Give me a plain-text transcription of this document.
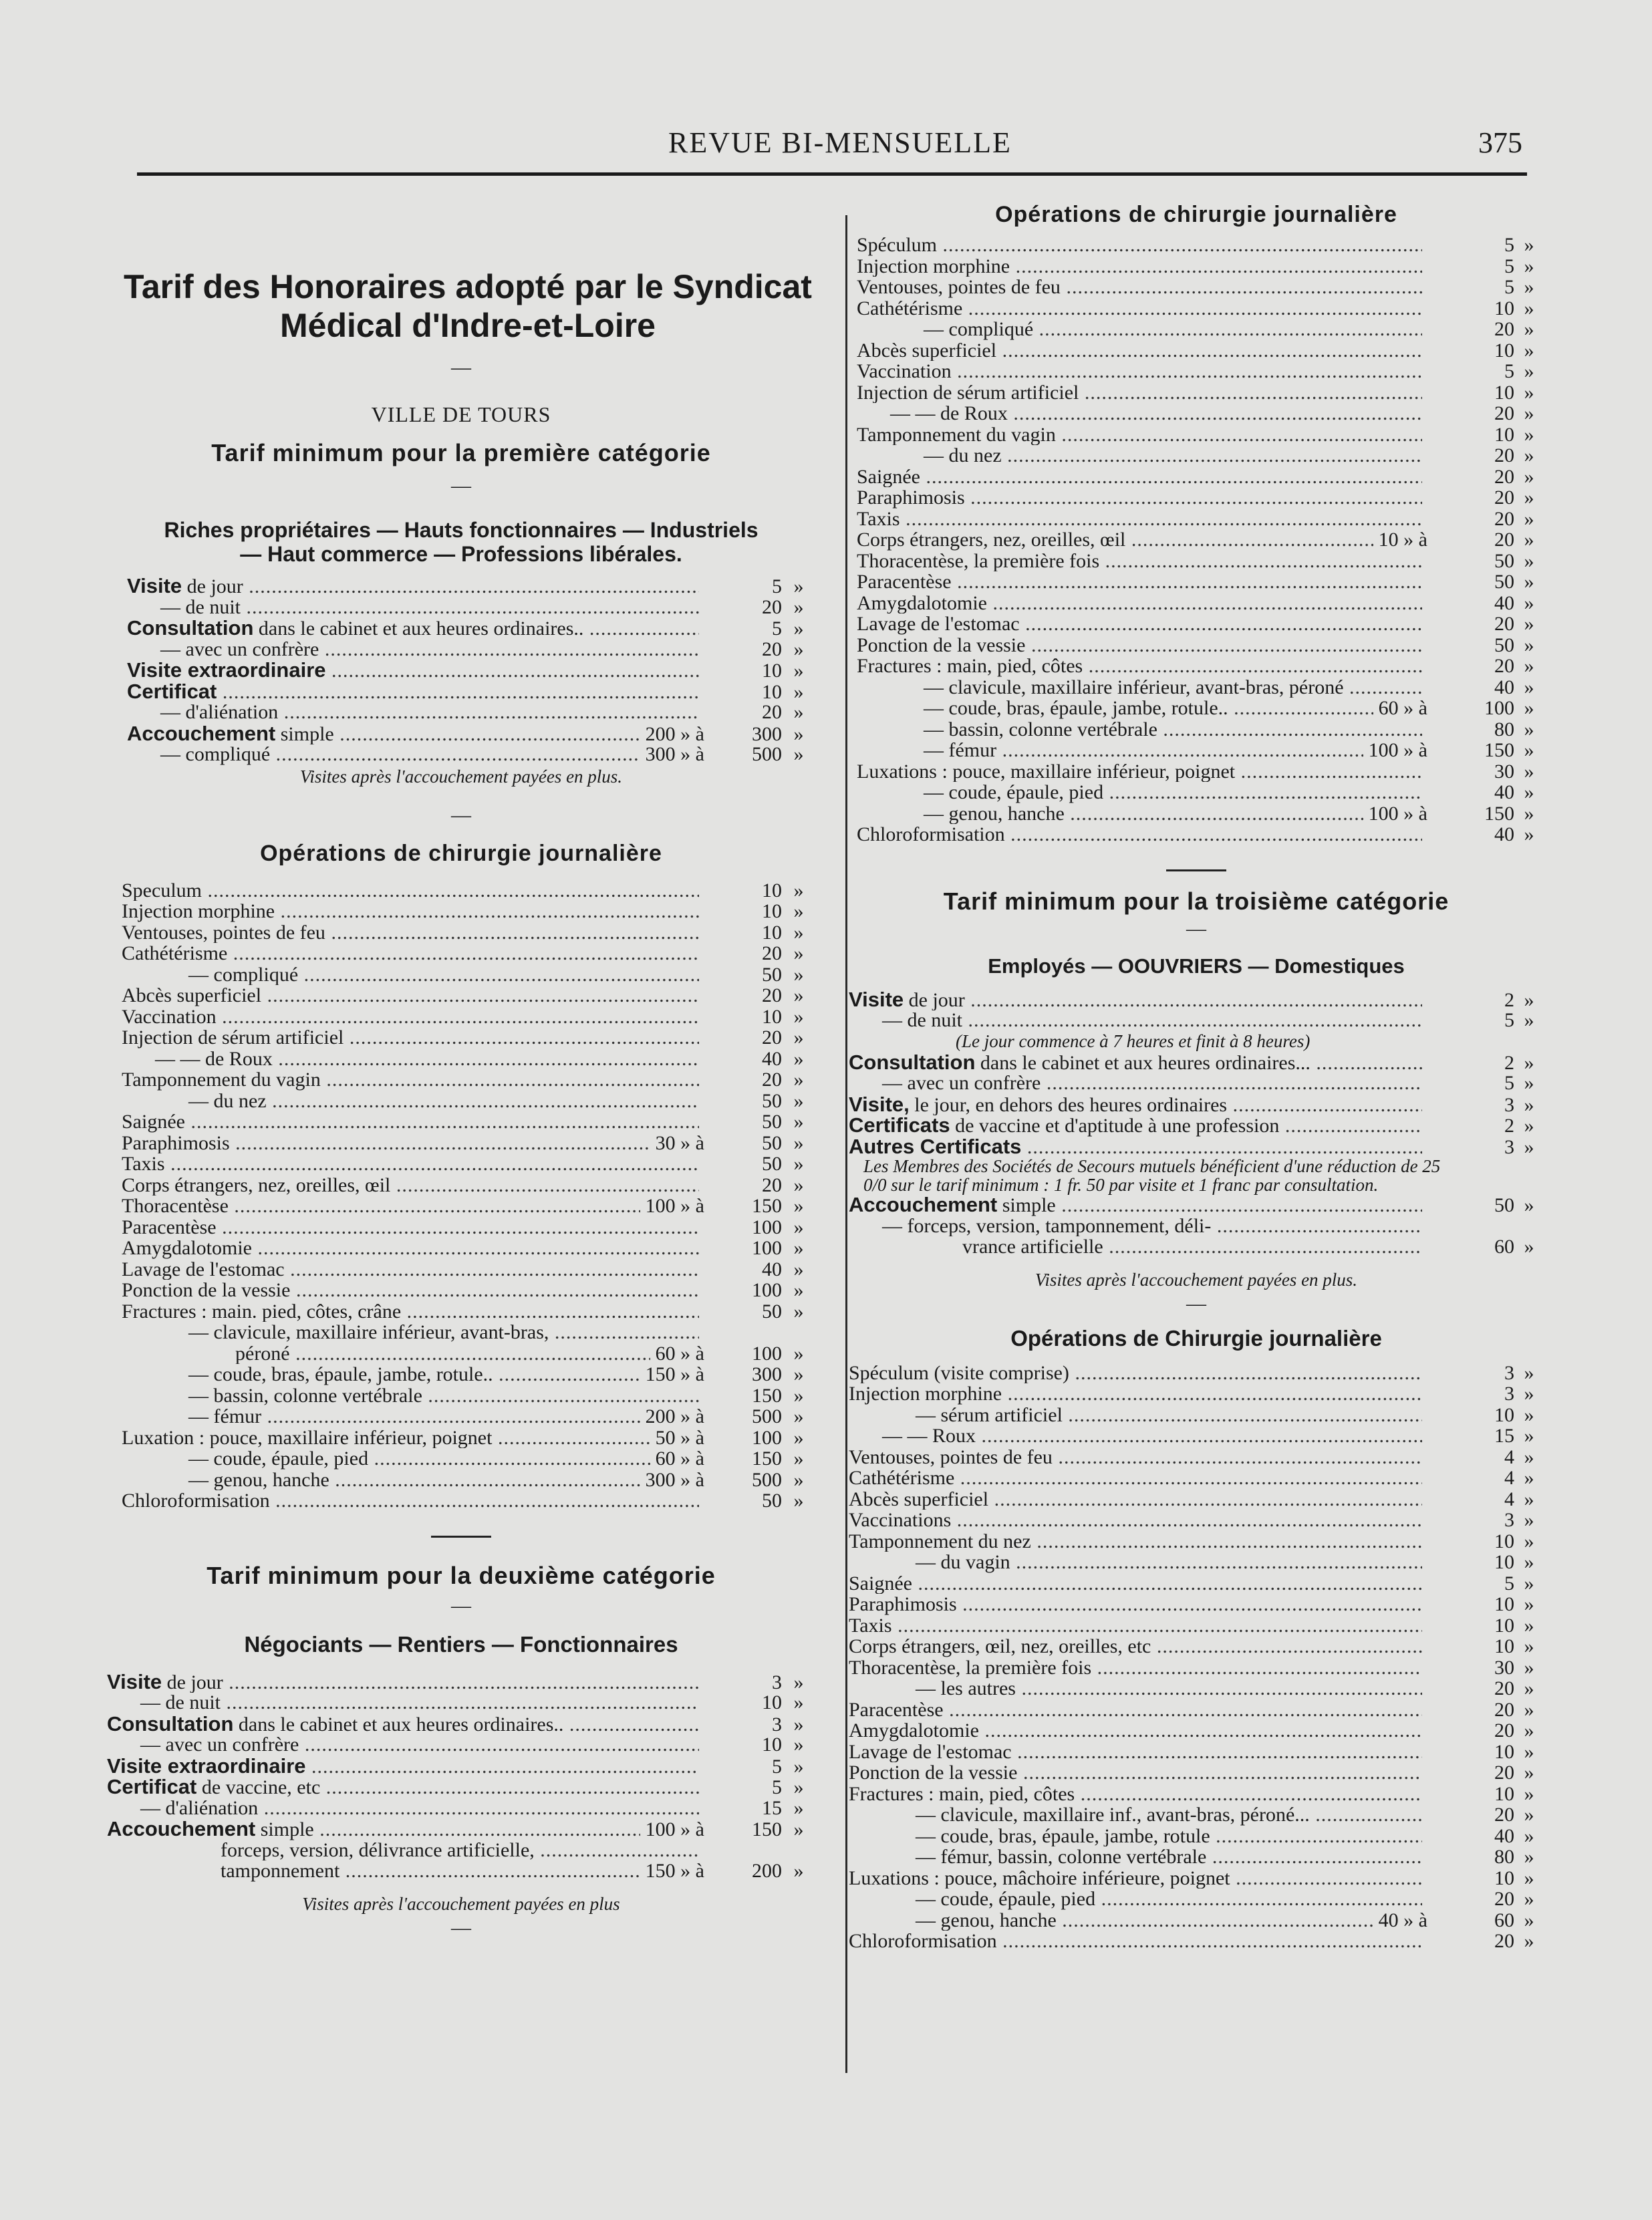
REVUE BI-MENSUELLE	375
Tarif des Honoraires adopté par le Syndicat
Médical d'Indre-et-Loire
—
VILLE DE TOURS
Tarif minimum pour la première catégorie
—
Riches propriétaires — Hauts fonctionnaires — Industriels
— Haut commerce — Professions libérales.
Visite de jour .....	5 »
— de nuit .....	20 »
Consultation dans le cabinet et aux heures ordinaires.. .....	5 »
— avec un confrère .....	20 »
Visite extraordinaire .....	10 »
Certificat .....	10 »
— d'aliénation .....	20 »
Accouchement simple .....	200 » à	300 »
— compliqué .....	300 » à	500 »
Visites après l'accouchement payées en plus.
—
Opérations de chirurgie journalière
Speculum .....	10 »
Injection morphine .....	10 »
Ventouses, pointes de feu .....	10 »
Cathétérisme .....	20 »
— compliqué .....	50 »
Abcès superficiel .....	20 »
Vaccination .....	10 »
Injection de sérum artificiel .....	20 »
— — de Roux .....	40 »
Tamponnement du vagin .....	20 »
— du nez .....	50 »
Saignée .....	50 »
Paraphimosis .....	30 » à	50 »
Taxis .....	50 »
Corps étrangers, nez, oreilles, œil .....	20 »
Thoracentèse .....	100 » à	150 »
Paracentèse .....	100 »
Amygdalotomie .....	100 »
Lavage de l'estomac .....	40 »
Ponction de la vessie .....	100 »
Fractures : main. pied, côtes, crâne .....	50 »
— clavicule, maxillaire inférieur, avant-bras, .....
péroné .....	60 » à	100 »
— coude, bras, épaule, jambe, rotule.. .....	150 » à	300 »
— bassin, colonne vertébrale .....	150 »
— fémur .....	200 » à	500 »
Luxation : pouce, maxillaire inférieur, poignet .....	50 » à	100 »
— coude, épaule, pied .....	60 » à	150 »
— genou, hanche .....	300 » à	500 »
Chloroformisation .....	50 »
Tarif minimum pour la deuxième catégorie
—
Négociants — Rentiers — Fonctionnaires
Visite de jour .....	3 »
— de nuit .....	10 »
Consultation dans le cabinet et aux heures ordinaires.. .....	3 »
— avec un confrère .....	10 »
Visite extraordinaire .....	5 »
Certificat de vaccine, etc .....	5 »
— d'aliénation .....	15 »
Accouchement simple .....	100 » à	150 »
forceps, version, délivrance artificielle, .....
tamponnement .....	150 » à	200 »
Visites après l'accouchement payées en plus
—
Opérations de chirurgie journalière
Spéculum .....	5 »
Injection morphine .....	5 »
Ventouses, pointes de feu .....	5 »
Cathétérisme .....	10 »
— compliqué .....	20 »
Abcès superficiel .....	10 »
Vaccination .....	5 »
Injection de sérum artificiel .....	10 »
— — de Roux .....	20 »
Tamponnement du vagin .....	10 »
— du nez .....	20 »
Saignée .....	20 »
Paraphimosis .....	20 »
Taxis .....	20 »
Corps étrangers, nez, oreilles, œil .....	10 » à	20 »
Thoracentèse, la première fois .....	50 »
Paracentèse .....	50 »
Amygdalotomie .....	40 »
Lavage de l'estomac .....	20 »
Ponction de la vessie .....	50 »
Fractures : main, pied, côtes .....	20 »
— clavicule, maxillaire inférieur, avant-bras, péroné .....	40 »
— coude, bras, épaule, jambe, rotule.. .....	60 » à	100 »
— bassin, colonne vertébrale .....	80 »
— fémur .....	100 » à	150 »
Luxations : pouce, maxillaire inférieur, poignet .....	30 »
— coude, épaule, pied .....	40 »
— genou, hanche .....	100 » à	150 »
Chloroformisation .....	40 »
Tarif minimum pour la troisième catégorie
—
Employés — OOUVRIERS — Domestiques
Visite de jour .....	2 »
— de nuit .....	5 »
(Le jour commence à 7 heures et finit à 8 heures)
Consultation dans le cabinet et aux heures ordinaires... .....	2 »
— avec un confrère .....	5 »
Visite, le jour, en dehors des heures ordinaires .....	3 »
Certificats de vaccine et d'aptitude à une profession .....	2 »
Autres Certificats .....	3 »
Les Membres des Sociétés de Secours mutuels bénéficient d'une réduction de 25 0/0 sur le tarif minimum : 1 fr. 50 par visite et 1 franc par consultation.
Accouchement simple .....	50 »
— forceps, version, tamponnement, déli- .....
vrance artificielle .....	60 »
Visites après l'accouchement payées en plus.
—
Opérations de Chirurgie journalière
Spéculum (visite comprise) .....	3 »
Injection morphine .....	3 »
— sérum artificiel .....	10 »
— — Roux .....	15 »
Ventouses, pointes de feu .....	4 »
Cathétérisme .....	4 »
Abcès superficiel .....	4 »
Vaccinations .....	3 »
Tamponnement du nez .....	10 »
— du vagin .....	10 »
Saignée .....	5 »
Paraphimosis .....	10 »
Taxis .....	10 »
Corps étrangers, œil, nez, oreilles, etc .....	10 »
Thoracentèse, la première fois .....	30 »
— les autres .....	20 »
Paracentèse .....	20 »
Amygdalotomie .....	20 »
Lavage de l'estomac .....	10 »
Ponction de la vessie .....	20 »
Fractures : main, pied, côtes .....	10 »
— clavicule, maxillaire inf., avant-bras, péroné... .....	20 »
— coude, bras, épaule, jambe, rotule .....	40 »
— fémur, bassin, colonne vertébrale .....	80 »
Luxations : pouce, mâchoire inférieure, poignet .....	10 »
— coude, épaule, pied .....	20 »
— genou, hanche .....	40 » à	60 »
Chloroformisation .....	20 »
